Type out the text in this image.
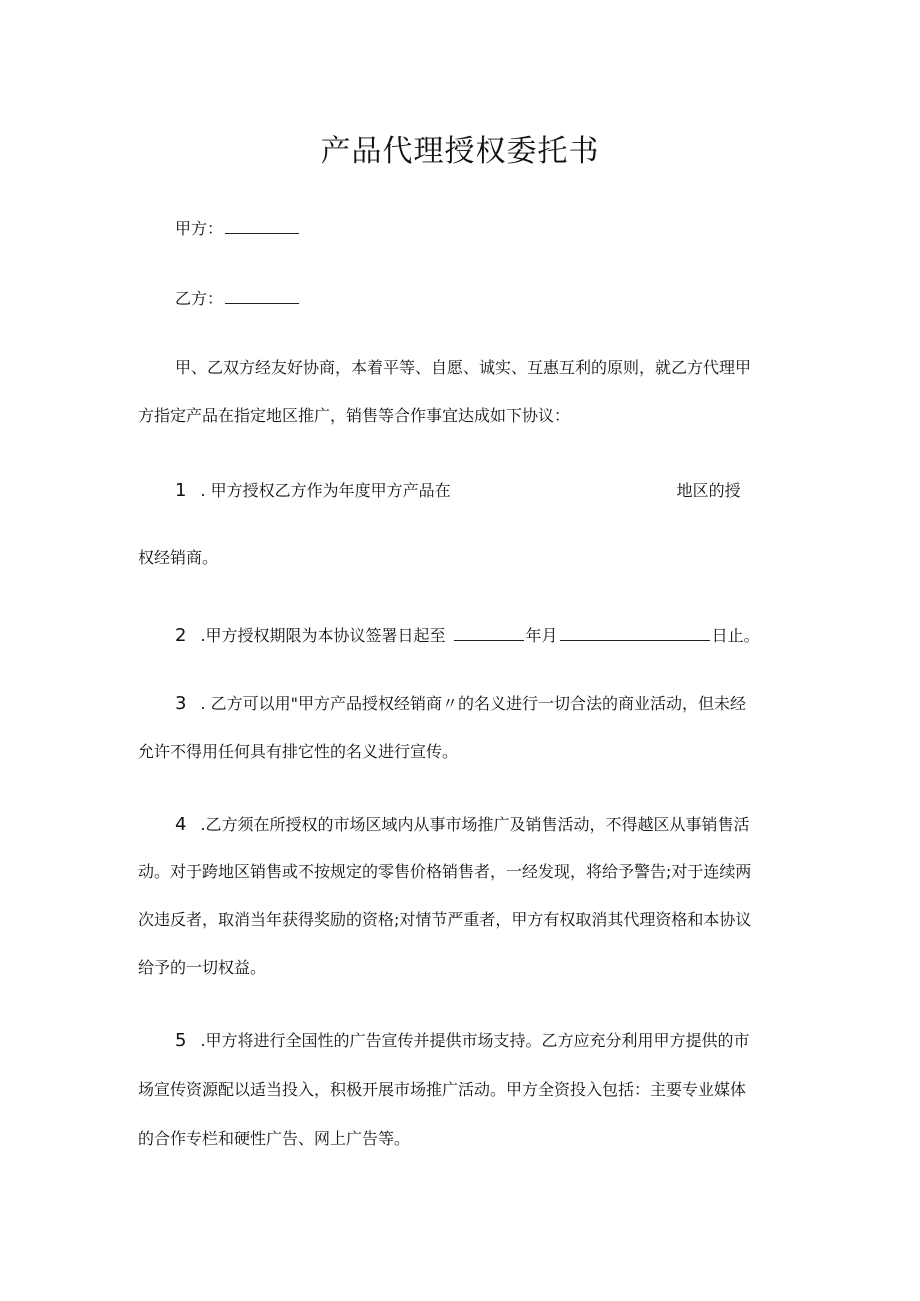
产品代理授权委托书
甲方：
乙方：
甲、乙双方经友好协商，本着平等、自愿、诚实、互惠互利的原则，就乙方代理甲
方指定产品在指定地区推广，销售等合作事宜达成如下协议：
1 . 甲方授权乙方作为年度甲方产品在	地区的授
权经销商。
2 .甲方授权期限为本协议签署日起至	年月	日止。
3 . 乙方可以用"甲方产品授权经销商〃的名义进行一切合法的商业活动，但未经
允许不得用任何具有排它性的名义进行宣传。
4 .乙方须在所授权的市场区域内从事市场推广及销售活动，不得越区从事销售活
动。对于跨地区销售或不按规定的零售价格销售者，一经发现，将给予警告;对于连续两
次违反者，取消当年获得奖励的资格;对情节严重者，甲方有权取消其代理资格和本协议
给予的一切权益。
5 .甲方将进行全国性的广告宣传并提供市场支持。乙方应充分利用甲方提供的市
场宣传资源配以适当投入，积极开展市场推广活动。甲方全资投入包括：主要专业媒体
的合作专栏和硬性广告、网上广告等。
